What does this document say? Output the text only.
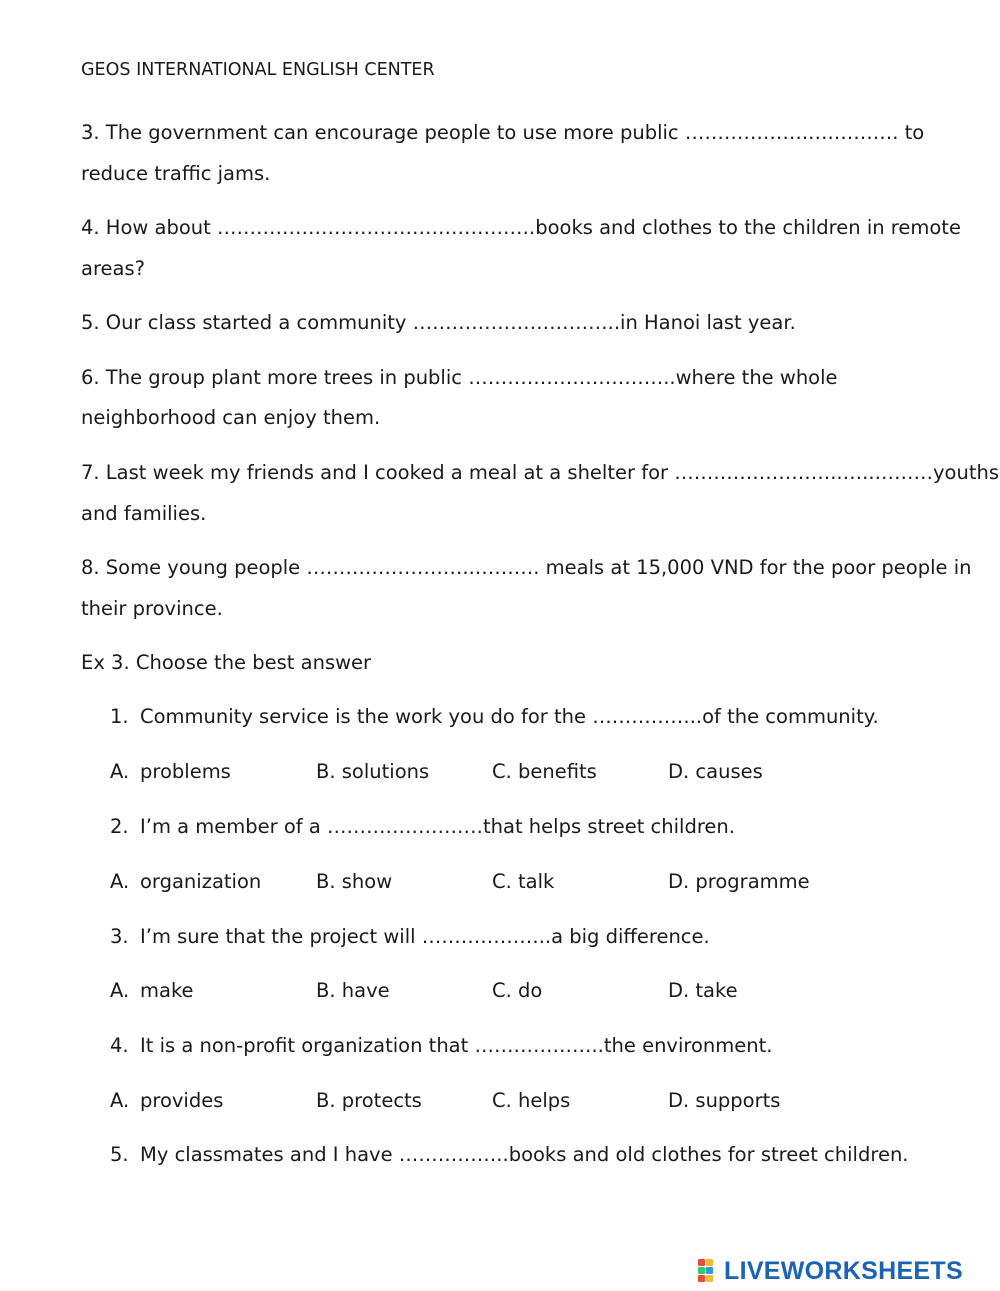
GEOS INTERNATIONAL ENGLISH CENTER
3. The government can encourage people to use more public ……………….….………. to
reduce traffic jams.
4. How about ………………………………………….books and clothes to the children in remote
areas?
5. Our class started a community …………………………..in Hanoi last year.
6. The group plant more trees in public …………………………..where the whole
neighborhood can enjoy them.
7. Last week my friends and I cooked a meal at a shelter for ……………………..…..………youths
and families.
8. Some young people ……………………..………. meals at 15,000 VND for the poor people in
their province.
Ex 3. Choose the best answer
1. Community service is the work you do for the ……………..of the community.
A. problems	B. solutions	C. benefits	D. causes
2. I’m a member of a ……………………that helps street children.
A. organization	B. show	C. talk	D. programme
3. I’m sure that the project will ………………..a big difference.
A. make	B. have	C. do	D. take
4. It is a non-profit organization that ………………..the environment.
A. provides	B. protects	C. helps	D. supports
5. My classmates and I have ……………..books and old clothes for street children.
LIVEWORKSHEETS
